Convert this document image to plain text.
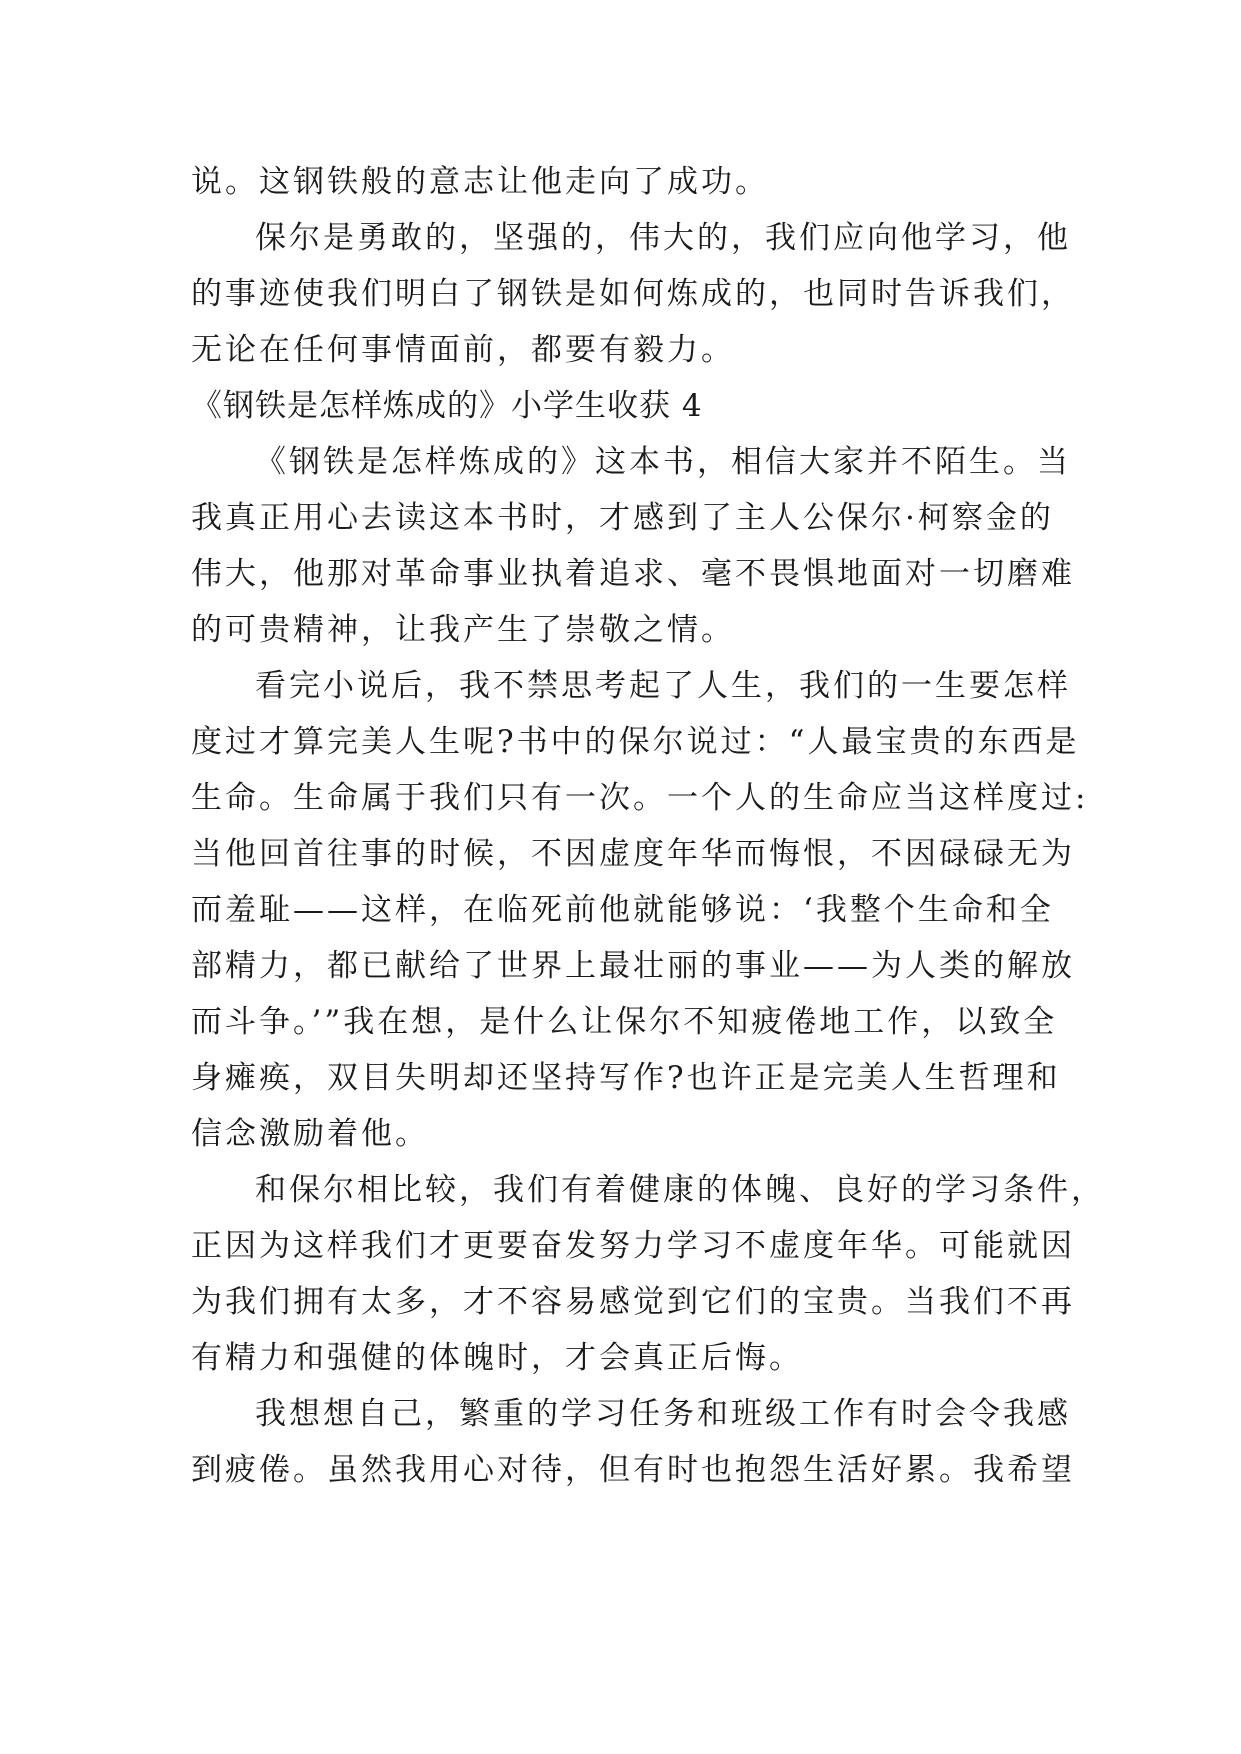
说。这钢铁般的意志让他走向了成功。
保尔是勇敢的，坚强的，伟大的，我们应向他学习，他
的事迹使我们明白了钢铁是如何炼成的，也同时告诉我们，
无论在任何事情面前，都要有毅力。
《钢铁是怎样炼成的》小学生收获 4
《钢铁是怎样炼成的》这本书，相信大家并不陌生。当
我真正用心去读这本书时，才感到了主人公保尔·柯察金的
伟大，他那对革命事业执着追求、毫不畏惧地面对一切磨难
的可贵精神，让我产生了崇敬之情。
看完小说后，我不禁思考起了人生，我们的一生要怎样
度过才算完美人生呢?书中的保尔说过：“人最宝贵的东西是
生命。生命属于我们只有一次。一个人的生命应当这样度过:
当他回首往事的时候，不因虚度年华而悔恨，不因碌碌无为
而羞耻——这样，在临死前他就能够说：‘我整个生命和全
部精力，都已献给了世界上最壮丽的事业——为人类的解放
而斗争。’”我在想，是什么让保尔不知疲倦地工作，以致全
身瘫痪，双目失明却还坚持写作?也许正是完美人生哲理和
信念激励着他。
和保尔相比较，我们有着健康的体魄、良好的学习条件，
正因为这样我们才更要奋发努力学习不虚度年华。可能就因
为我们拥有太多，才不容易感觉到它们的宝贵。当我们不再
有精力和强健的体魄时，才会真正后悔。
我想想自己，繁重的学习任务和班级工作有时会令我感
到疲倦。虽然我用心对待，但有时也抱怨生活好累。我希望
